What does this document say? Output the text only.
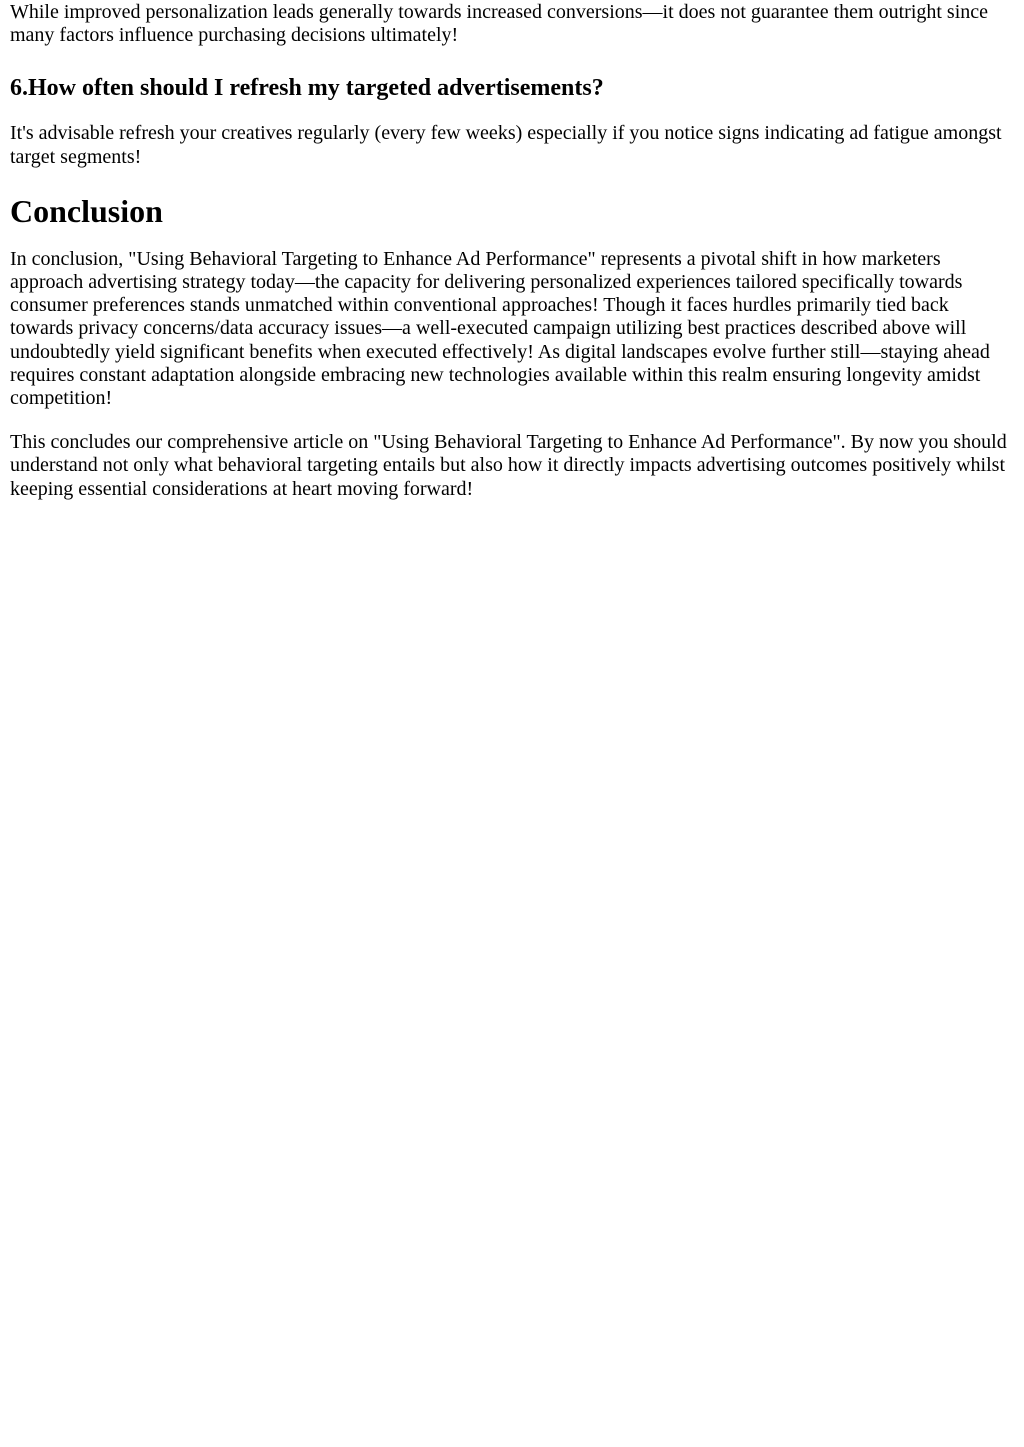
While improved personalization leads generally towards increased conversions—it does not guarantee them outright since many factors influence purchasing decisions ultimately!

6.How often should I refresh my targeted advertisements?

It's advisable refresh your creatives regularly (every few weeks) especially if you notice signs indicating ad fatigue amongst target segments!

Conclusion

In conclusion, "Using Behavioral Targeting to Enhance Ad Performance" represents a pivotal shift in how marketers approach advertising strategy today—the capacity for delivering personalized experiences tailored specifically towards consumer preferences stands unmatched within conventional approaches! Though it faces hurdles primarily tied back towards privacy concerns/data accuracy issues—a well-executed campaign utilizing best practices described above will undoubtedly yield significant benefits when executed effectively! As digital landscapes evolve further still—staying ahead requires constant adaptation alongside embracing new technologies available within this realm ensuring longevity amidst competition!

This concludes our comprehensive article on "Using Behavioral Targeting to Enhance Ad Performance". By now you should understand not only what behavioral targeting entails but also how it directly impacts advertising outcomes positively whilst keeping essential considerations at heart moving forward!
